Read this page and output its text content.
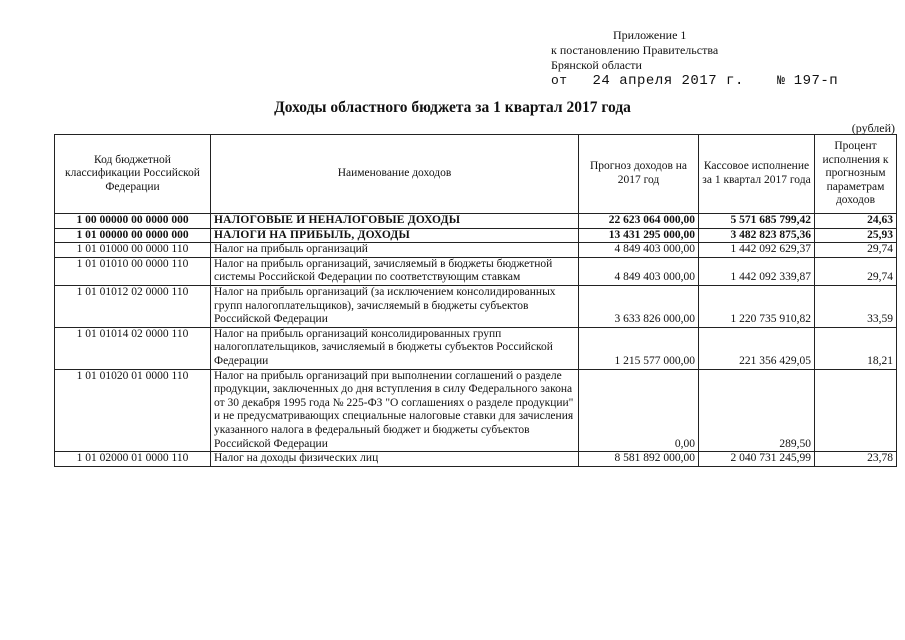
Приложение 1
к постановлению Правительства
Брянской области
от 24 апреля 2017 г.	№ 197-п
Доходы областного бюджета за 1 квартал 2017 года
(рублей)
Код бюджетной классификации Российской Федерации	Наименование доходов	Прогноз доходов на 2017 год	Кассовое исполнение за 1 квартал 2017 года	Процент исполнения к прогнозным параметрам доходов
1 00 00000 00 0000 000	НАЛОГОВЫЕ И НЕНАЛОГОВЫЕ ДОХОДЫ	22 623 064 000,00	5 571 685 799,42	24,63
1 01 00000 00 0000 000	НАЛОГИ НА ПРИБЫЛЬ, ДОХОДЫ	13 431 295 000,00	3 482 823 875,36	25,93
1 01 01000 00 0000 110	Налог на прибыль организаций	4 849 403 000,00	1 442 092 629,37	29,74
1 01 01010 00 0000 110	Налог на прибыль организаций, зачисляемый в бюджеты бюджетной системы Российской Федерации по соответствующим ставкам	4 849 403 000,00	1 442 092 339,87	29,74
1 01 01012 02 0000 110	Налог на прибыль организаций (за исключением консолидированных групп налогоплательщиков), зачисляемый в бюджеты субъектов Российской Федерации	3 633 826 000,00	1 220 735 910,82	33,59
1 01 01014 02 0000 110	Налог на прибыль организаций консолидированных групп налогоплательщиков, зачисляемый в бюджеты субъектов Российской Федерации	1 215 577 000,00	221 356 429,05	18,21
1 01 01020 01 0000 110	Налог на прибыль организаций при выполнении соглашений о разделе продукции, заключенных до дня вступления в силу Федерального закона от 30 декабря 1995 года № 225-ФЗ "О соглашениях о разделе продукции" и не предусматривающих специальные налоговые ставки для зачисления указанного налога в федеральный бюджет и бюджеты субъектов Российской Федерации	0,00	289,50	
1 01 02000 01 0000 110	Налог на доходы физических лиц	8 581 892 000,00	2 040 731 245,99	23,78
